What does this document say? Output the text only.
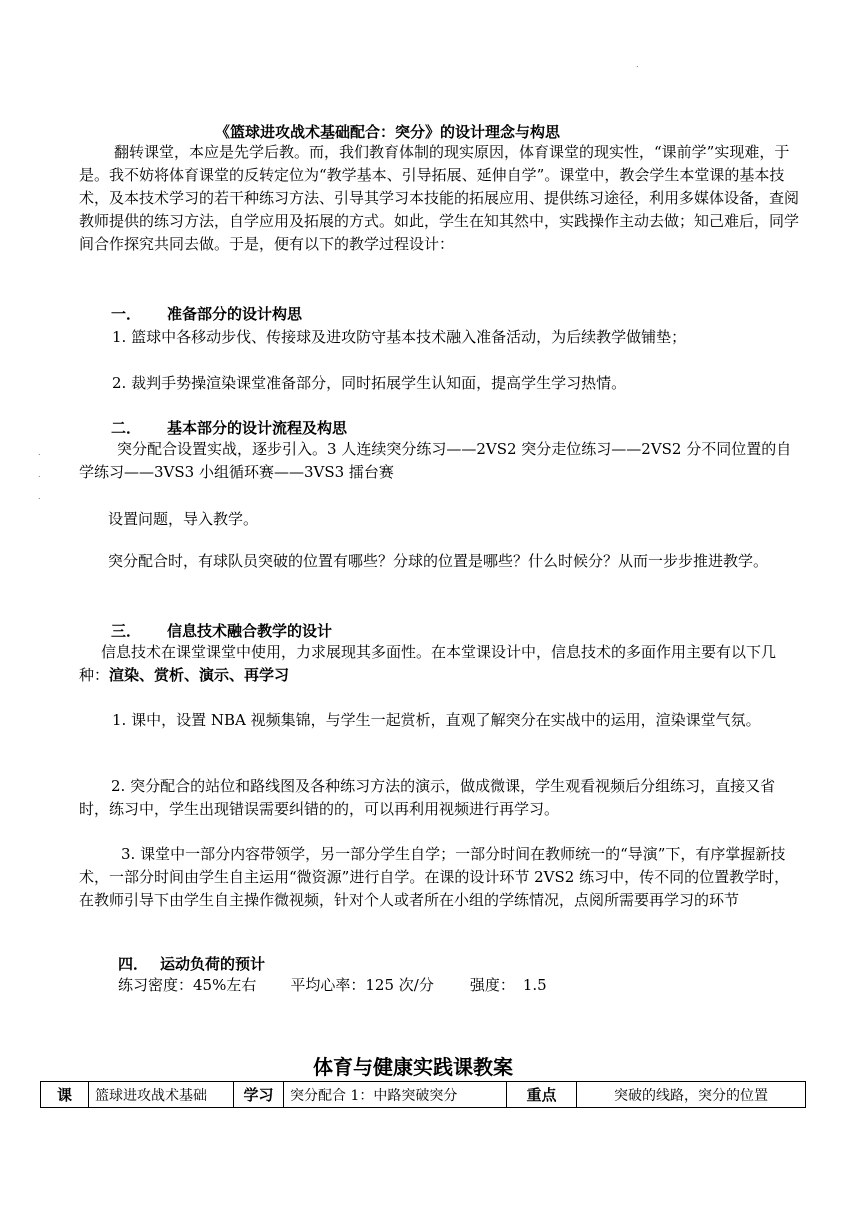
.
.
.
.
《篮球进攻战术基础配合：突分》的设计理念与构思
翻转课堂，本应是先学后教。而，我们教育体制的现实原因，体育课堂的现实性，“课前学”实现难，于是。我不妨将体育课堂的反转定位为“教学基本、引导拓展、延伸自学”。课堂中，教会学生本堂课的基本技术，及本技术学习的若干种练习方法、引导其学习本技能的拓展应用、提供练习途径，利用多媒体设备，查阅教师提供的练习方法，自学应用及拓展的方式。如此，学生在知其然中，实践操作主动去做；知己难后，同学间合作探究共同去做。于是，便有以下的教学过程设计：
一． 准备部分的设计构思
1. 篮球中各移动步伐、传接球及进攻防守基本技术融入准备活动，为后续教学做铺垫；
2. 裁判手势操渲染课堂准备部分，同时拓展学生认知面，提高学生学习热情。
二． 基本部分的设计流程及构思
突分配合设置实战，逐步引入。3 人连续突分练习——2VS2 突分走位练习——2VS2 分不同位置的自学练习——3VS3 小组循环赛——3VS3 擂台赛
设置问题，导入教学。
突分配合时，有球队员突破的位置有哪些？分球的位置是哪些？什么时候分？从而一步步推进教学。
三． 信息技术融合教学的设计
信息技术在课堂课堂中使用，力求展现其多面性。在本堂课设计中，信息技术的多面作用主要有以下几种：渲染、赏析、演示、再学习
1. 课中，设置 NBA 视频集锦，与学生一起赏析，直观了解突分在实战中的运用，渲染课堂气氛。
2. 突分配合的站位和路线图及各种练习方法的演示，做成微课，学生观看视频后分组练习，直接又省时，练习中，学生出现错误需要纠错的的，可以再利用视频进行再学习。
3. 课堂中一部分内容带领学，另一部分学生自学；一部分时间在教师统一的“导演”下，有序掌握新技术，一部分时间由学生自主运用“微资源”进行自学。在课的设计环节 2VS2 练习中，传不同的位置教学时，在教师引导下由学生自主操作微视频，针对个人或者所在小组的学练情况，点阅所需要再学习的环节
四． 运动负荷的预计
练习密度：45%左右 平均心率：125 次/分 强度： 1.5
体育与健康实践课教案
课	篮球进攻战术基础	学习	突分配合 1：中路突破突分	重点	突破的线路，突分的位置
